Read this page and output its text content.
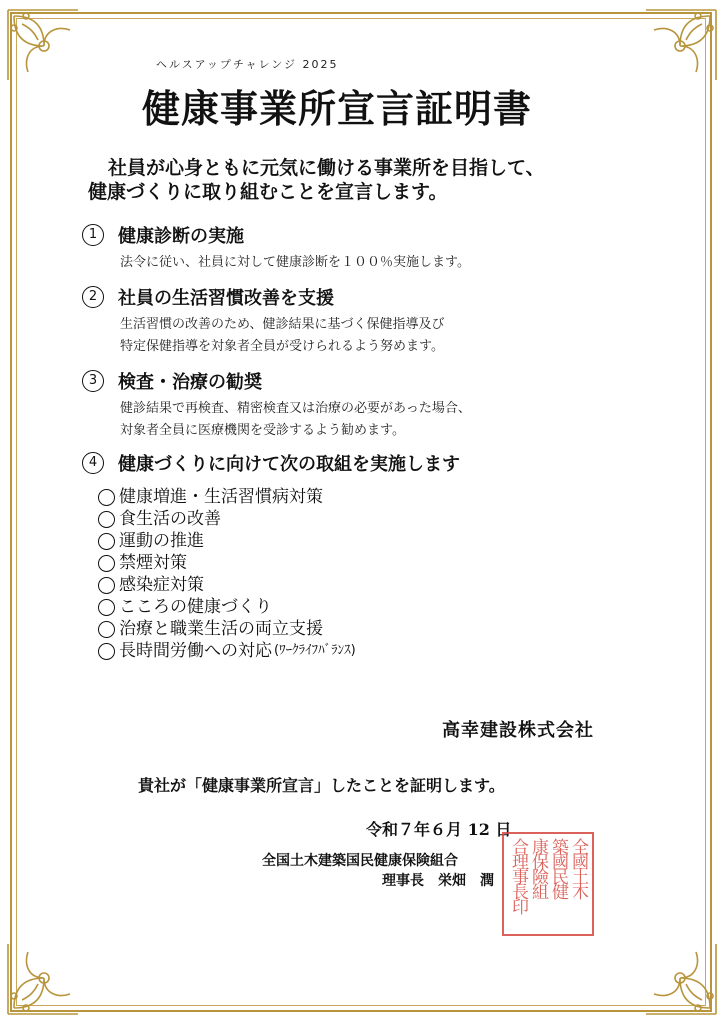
ヘルスアップチャレンジ 2025
健康事業所宣言証明書
社員が心身ともに元気に働ける事業所を目指して、
健康づくりに取り組むことを宣言します。
1	健康診断の実施
法令に従い、社員に対して健康診断を１００％実施します。
2	社員の生活習慣改善を支援
生活習慣の改善のため、健診結果に基づく保健指導及び
特定保健指導を対象者全員が受けられるよう努めます。
3	検査・治療の勧奨
健診結果で再検査、精密検査又は治療の必要があった場合、
対象者全員に医療機関を受診するよう勧めます。
4	健康づくりに向けて次の取組を実施します
健康増進・生活習慣病対策
食生活の改善
運動の推進
禁煙対策
感染症対策
こころの健康づくり
治療と職業生活の両立支援
長時間労働への対応 (ﾜｰｸﾗｲﾌﾊﾞﾗﾝｽ)
高幸建設株式会社
貴社が「健康事業所宣言」したことを証明します。
令和７年６月 12 日
全国土木建築国民健康保険組合
理事長 栄畑　潤	全國土木
築國民健
康保險組
合理事長印
